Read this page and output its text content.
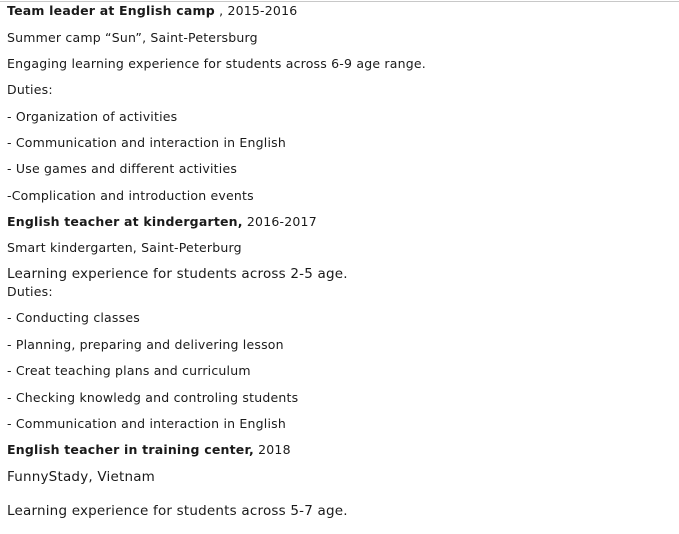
Team leader at English camp , 2015-2016
Summer camp “Sun”, Saint-Petersburg
Engaging learning experience for students across 6-9 age range.
Duties:
- Organization of activities
- Communication and interaction in English
- Use games and different activities
-Complication and introduction events
English teacher at kindergarten, 2016-2017
Smart kindergarten, Saint-Peterburg
Learning experience for students across 2-5 age.
Duties:
- Conducting classes
- Planning, preparing and delivering lesson
- Creat teaching plans and curriculum
- Checking knowledg and controling students
- Communication and interaction in English
English teacher in training center, 2018
FunnyStady, Vietnam
Learning experience for students across 5-7 age.
